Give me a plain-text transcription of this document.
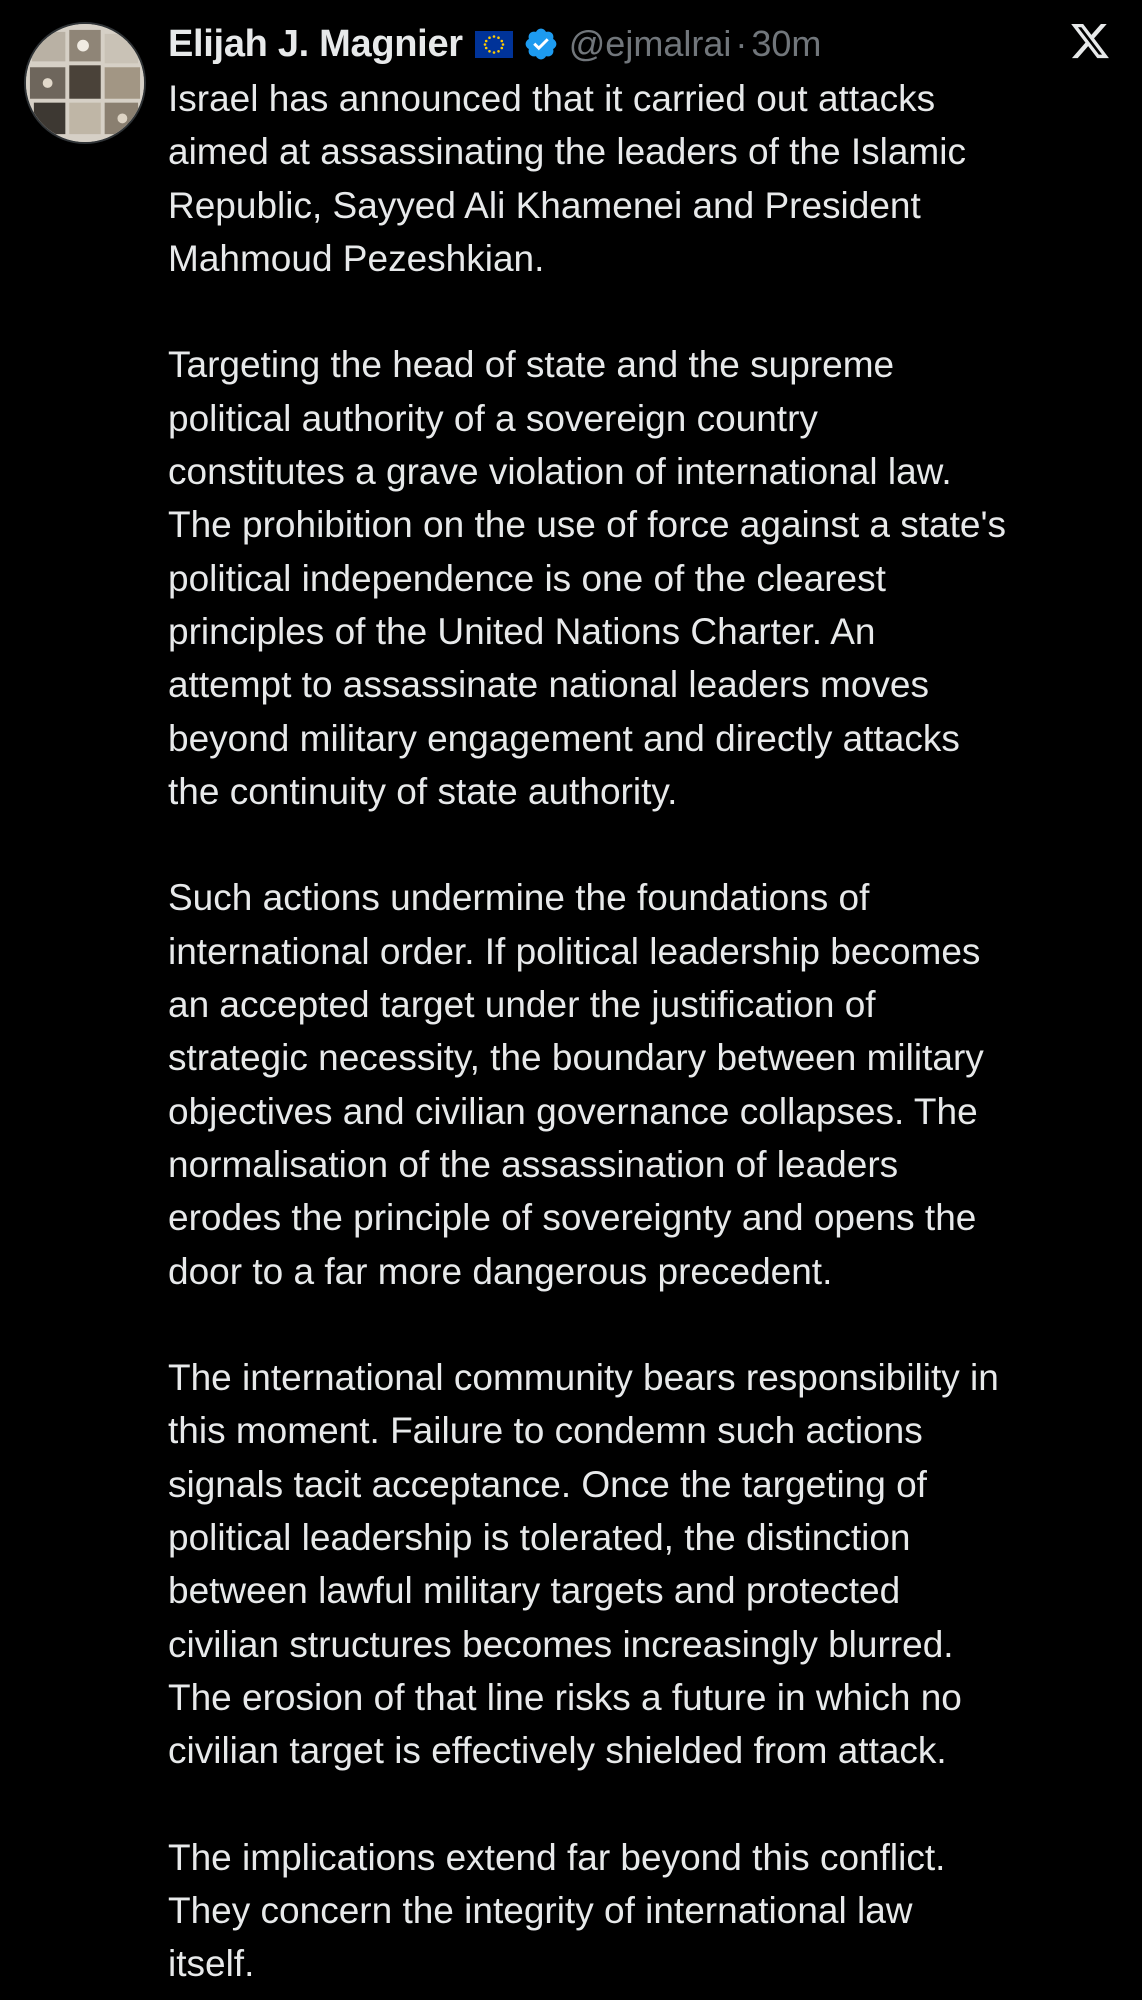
Elijah J. Magnier	@ejmalrai · 30m

Israel has announced that it carried out attacks
aimed at assassinating the leaders of the Islamic
Republic, Sayyed Ali Khamenei and President
Mahmoud Pezeshkian.

Targeting the head of state and the supreme
political authority of a sovereign country
constitutes a grave violation of international law.
The prohibition on the use of force against a state's
political independence is one of the clearest
principles of the United Nations Charter. An
attempt to assassinate national leaders moves
beyond military engagement and directly attacks
the continuity of state authority.

Such actions undermine the foundations of
international order. If political leadership becomes
an accepted target under the justification of
strategic necessity, the boundary between military
objectives and civilian governance collapses. The
normalisation of the assassination of leaders
erodes the principle of sovereignty and opens the
door to a far more dangerous precedent.

The international community bears responsibility in
this moment. Failure to condemn such actions
signals tacit acceptance. Once the targeting of
political leadership is tolerated, the distinction
between lawful military targets and protected
civilian structures becomes increasingly blurred.
The erosion of that line risks a future in which no
civilian target is effectively shielded from attack.

The implications extend far beyond this conflict.
They concern the integrity of international law
itself.
